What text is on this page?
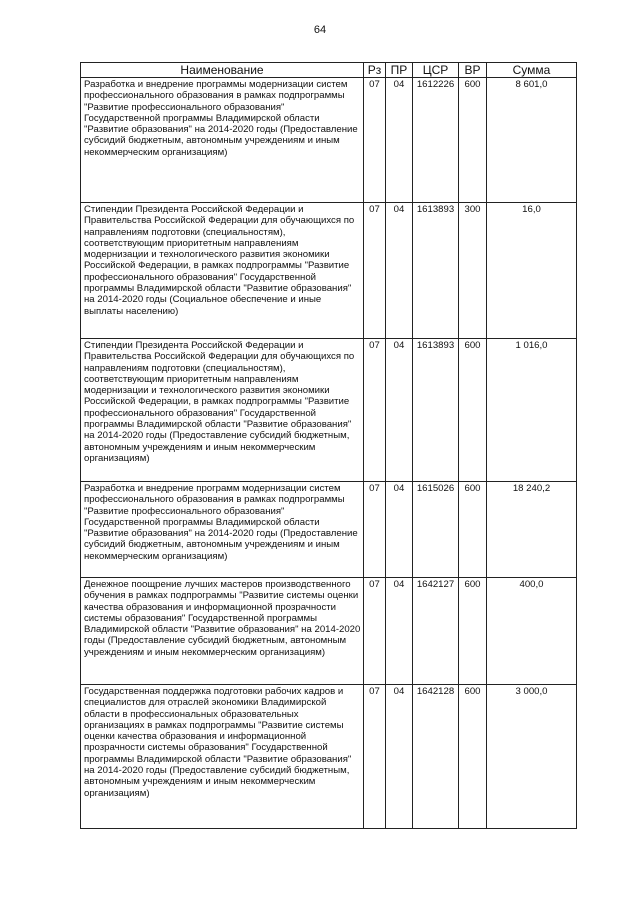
64
Наименование	Рз	ПР	ЦСР	ВР	Сумма
Разработка и внедрение программы модернизации систем профессионального образования в рамках подпрограммы "Развитие профессионального образования" Государственной программы Владимирской области "Развитие образования" на 2014-2020 годы (Предоставление субсидий бюджетным, автономным учреждениям и иным некоммерческим организациям)	07	04	1612226	600	8 601,0
Стипендии Президента Российской Федерации и Правительства Российской Федерации для обучающихся по направлениям подготовки (специальностям), соответствующим приоритетным направлениям модернизации и технологического развития экономики Российской Федерации, в рамках подпрограммы "Развитие профессионального образования" Государственной программы Владимирской области "Развитие образования" на 2014-2020 годы (Социальное обеспечение и иные выплаты населению)	07	04	1613893	300	16,0
Стипендии Президента Российской Федерации и Правительства Российской Федерации для обучающихся по направлениям подготовки (специальностям), соответствующим приоритетным направлениям модернизации и технологического развития экономики Российской Федерации, в рамках подпрограммы "Развитие профессионального образования" Государственной программы Владимирской области "Развитие образования" на 2014-2020 годы (Предоставление субсидий бюджетным, автономным учреждениям и иным некоммерческим организациям)	07	04	1613893	600	1 016,0
Разработка и внедрение программ модернизации систем профессионального образования в рамках подпрограммы "Развитие профессионального образования" Государственной программы Владимирской области "Развитие образования" на 2014-2020 годы (Предоставление субсидий бюджетным, автономным учреждениям и иным некоммерческим организациям)	07	04	1615026	600	18 240,2
Денежное поощрение лучших мастеров производственного обучения в рамках подпрограммы "Развитие системы оценки качества образования и информационной прозрачности системы образования" Государственной программы Владимирской области "Развитие образования" на 2014-2020 годы (Предоставление субсидий бюджетным, автономным учреждениям и иным некоммерческим организациям)	07	04	1642127	600	400,0
Государственная поддержка подготовки рабочих кадров и специалистов для отраслей экономики Владимирской области в профессиональных образовательных организациях в рамках подпрограммы "Развитие системы оценки качества образования и информационной прозрачности системы образования" Государственной программы Владимирской области "Развитие образования" на 2014-2020 годы (Предоставление субсидий бюджетным, автономным учреждениям и иным некоммерческим организациям)	07	04	1642128	600	3 000,0
